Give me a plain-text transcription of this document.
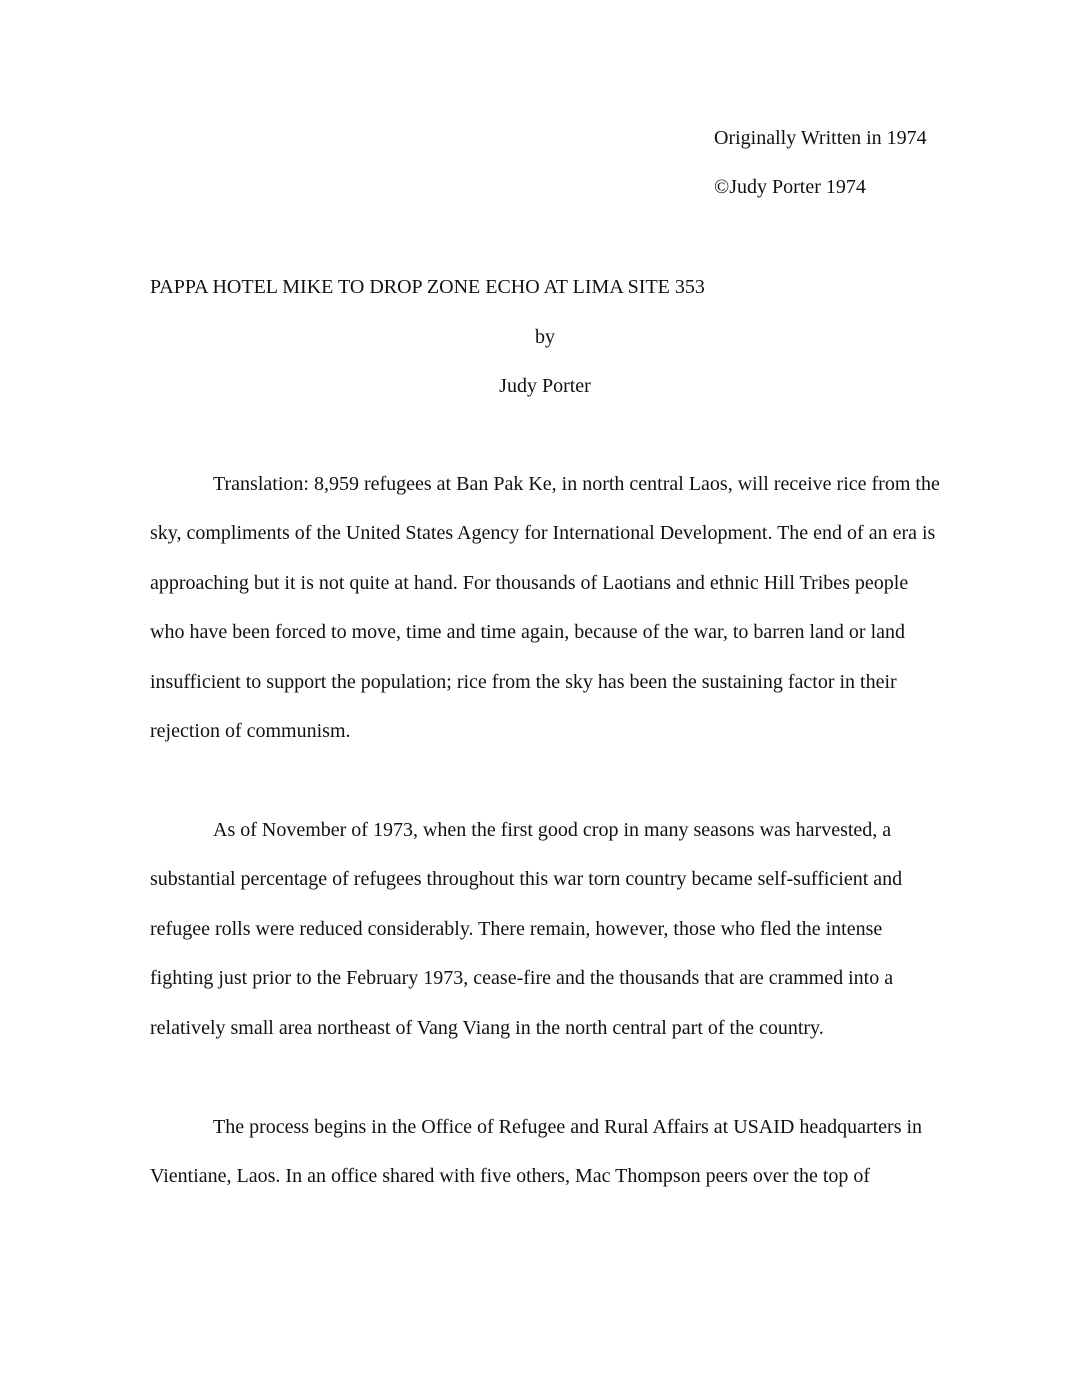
Originally Written in 1974
©Judy Porter 1974
PAPPA HOTEL MIKE TO DROP ZONE ECHO AT LIMA SITE 353
by
Judy Porter

Translation: 8,959 refugees at Ban Pak Ke, in north central Laos, will receive rice from the sky, compliments of the United States Agency for International Development. The end of an era is approaching but it is not quite at hand. For thousands of Laotians and ethnic Hill Tribes people who have been forced to move, time and time again, because of the war, to barren land or land insufficient to support the population; rice from the sky has been the sustaining factor in their rejection of communism.

As of November of 1973, when the first good crop in many seasons was harvested, a substantial percentage of refugees throughout this war torn country became self-sufficient and refugee rolls were reduced considerably. There remain, however, those who fled the intense fighting just prior to the February 1973, cease-fire and the thousands that are crammed into a relatively small area northeast of Vang Viang in the north central part of the country.

The process begins in the Office of Refugee and Rural Affairs at USAID headquarters in Vientiane, Laos. In an office shared with five others, Mac Thompson peers over the top of
